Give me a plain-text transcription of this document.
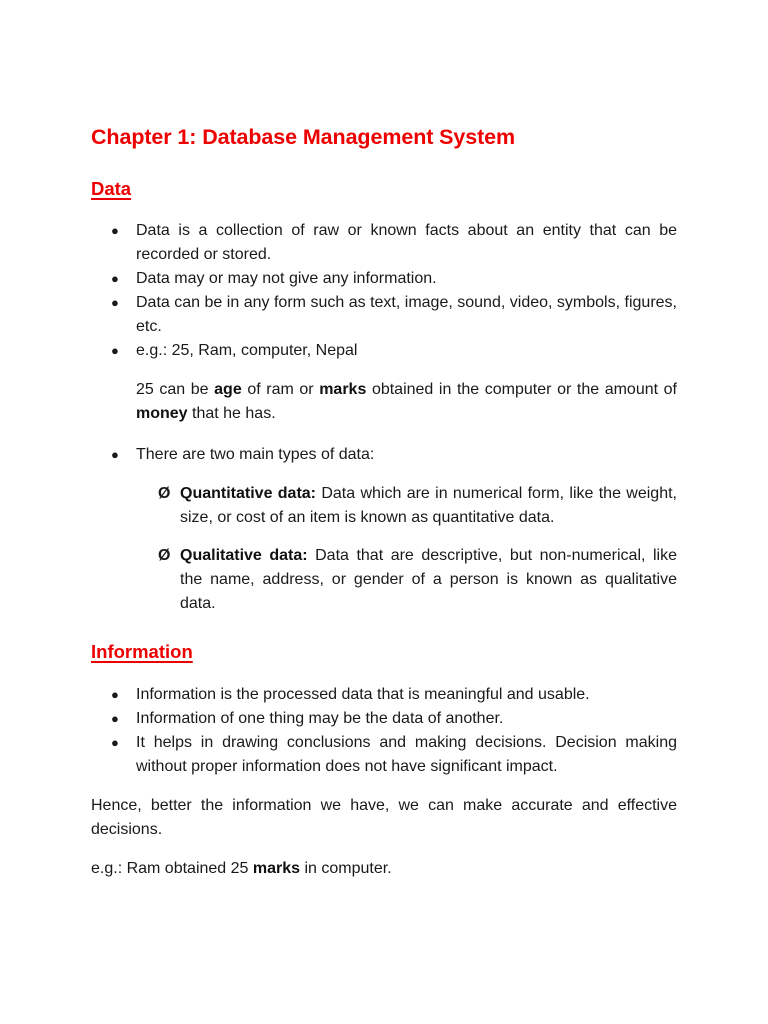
Chapter 1: Database Management System
Data
● Data is a collection of raw or known facts about an entity that can be recorded or stored.
● Data may or may not give any information.
● Data can be in any form such as text, image, sound, video, symbols, figures, etc.
● e.g.: 25, Ram, computer, Nepal

25 can be age of ram or marks obtained in the computer or the amount of money that he has.

● There are two main types of data:
Ø Quantitative data: Data which are in numerical form, like the weight, size, or cost of an item is known as quantitative data.
Ø Qualitative data: Data that are descriptive, but non-numerical, like the name, address, or gender of a person is known as qualitative data.
Information
● Information is the processed data that is meaningful and usable.
● Information of one thing may be the data of another.
● It helps in drawing conclusions and making decisions. Decision making without proper information does not have significant impact.

Hence, better the information we have, we can make accurate and effective decisions.

e.g.: Ram obtained 25 marks in computer.
